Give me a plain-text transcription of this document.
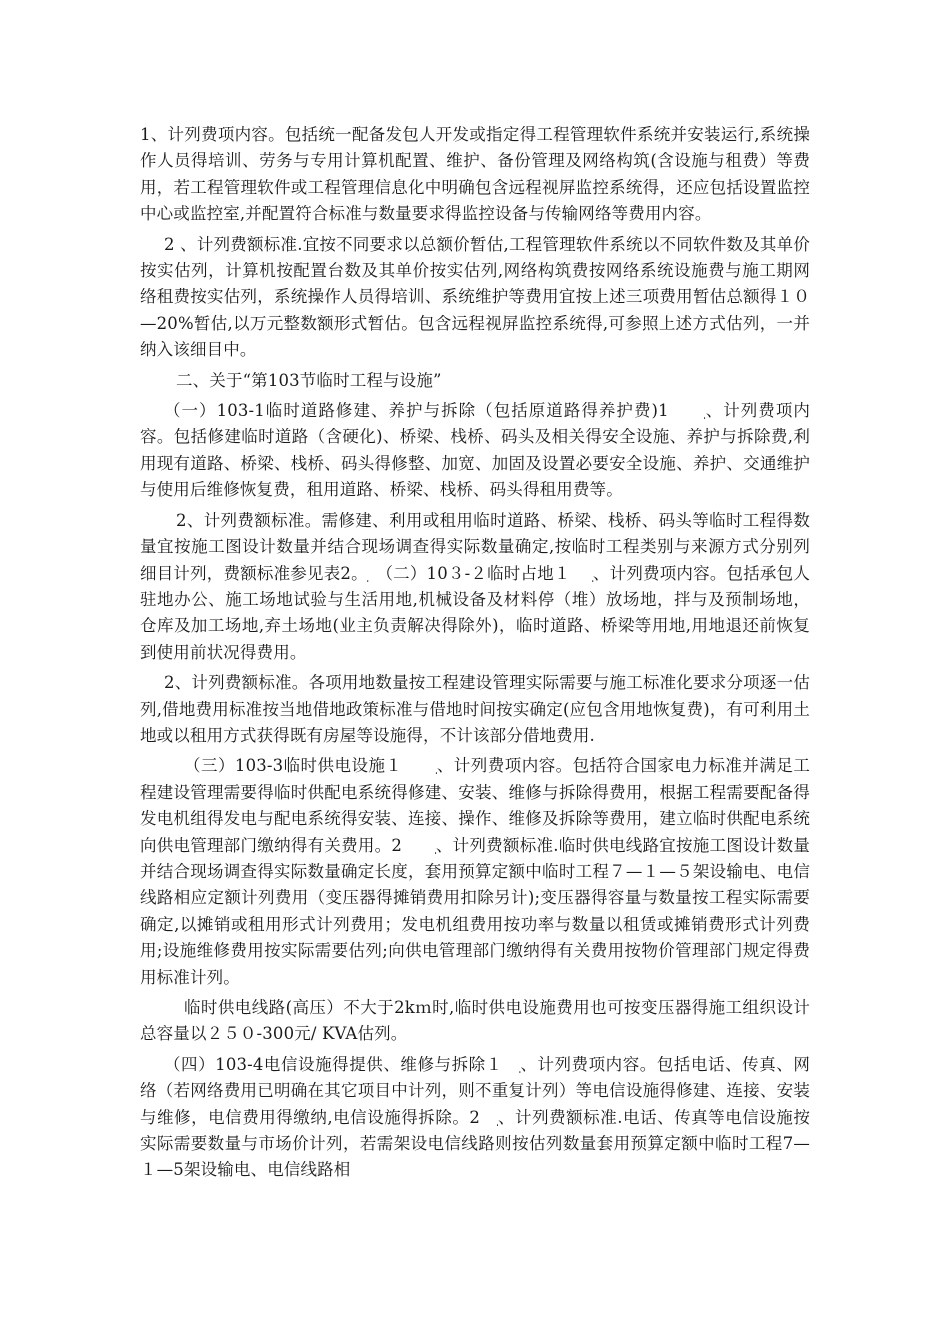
1、计列费项内容。包括统一配备发包人开发或指定得工程管理软件系统并安装运行,系统操作人员得培训、劳务与专用计算机配置、维护、备份管理及网络构筑(含设施与租费）等费用，若工程管理软件或工程管理信息化中明确包含远程视屏监控系统得，还应包括设置监控中心或监控室,并配置符合标准与数量要求得监控设备与传输网络等费用内容。

2 、计列费额标准.宜按不同要求以总额价暂估,工程管理软件系统以不同软件数及其单价按实估列，计算机按配置台数及其单价按实估列,网络构筑费按网络系统设施费与施工期网络租费按实估列，系统操作人员得培训、系统维护等费用宜按上述三项费用暂估总额得１０—20%暂估,以万元整数额形式暂估。包含远程视屏监控系统得,可参照上述方式估列，一并纳入该细目中。

二、关于“第103节临时工程与设施”

（一）103-1临时道路修建、养护与拆除（包括原道路得养护费)1　　ֽ、计列费项内容。包括修建临时道路（含硬化)、桥梁、栈桥、码头及相关得安全设施、养护与拆除费,利用现有道路、桥梁、栈桥、码头得修整、加宽、加固及设置必要安全设施、养护、交通维护与使用后维修恢复费，租用道路、桥梁、栈桥、码头得租用费等。

2、计列费额标准。需修建、利用或租用临时道路、桥梁、栈桥、码头等临时工程得数量宜按施工图设计数量并结合现场调查得实际数量确定,按临时工程类别与来源方式分别列细目计列，费额标准参见表2。ֽ　（二）10３-２临时占地１　 ֽ、计列费项内容。包括承包人驻地办公、施工场地试验与生活用地,机械设备及材料停（堆）放场地，拌与及预制场地，仓库及加工场地,弃土场地(业主负责解决得除外)，临时道路、桥梁等用地,用地退还前恢复到使用前状况得费用。

2、计列费额标准。各项用地数量按工程建设管理实际需要与施工标准化要求分项逐一估列,借地费用标准按当地借地政策标准与借地时间按实确定(应包含用地恢复费)，有可利用土地或以租用方式获得既有房屋等设施得，不计该部分借地费用.

（三）103-3临时供电设施１　　ֽ、计列费项内容。包括符合国家电力标准并满足工程建设管理需要得临时供配电系统得修建、安装、维修与拆除得费用，根据工程需要配备得发电机组得发电与配电系统得安装、连接、操作、维修及拆除等费用，建立临时供配电系统向供电管理部门缴纳得有关费用。2　　ֽ、计列费额标准.临时供电线路宜按施工图设计数量并结合现场调查得实际数量确定长度，套用预算定额中临时工程７—１—５架设输电、电信线路相应定额计列费用（变压器得摊销费用扣除另计);变压器得容量与数量按工程实际需要确定,以摊销或租用形式计列费用；发电机组费用按功率与数量以租赁或摊销费形式计列费用;设施维修费用按实际需要估列;向供电管理部门缴纳得有关费用按物价管理部门规定得费用标准计列。

临时供电线路(高压）不大于2kｍ时,临时供电设施费用也可按变压器得施工组织设计总容量以２５０-300元/ KVA估列。

（四）103-4电信设施得提供、维修与拆除１　ֽ、计列费项内容。包括电话、传真、网络（若网络费用已明确在其它项目中计列，则不重复计列）等电信设施得修建、连接、安装与维修，电信费用得缴纳,电信设施得拆除。2　ֽ、计列费额标准.电话、传真等电信设施按实际需要数量与市场价计列，若需架设电信线路则按估列数量套用预算定额中临时工程7—１—5架设输电、电信线路相
